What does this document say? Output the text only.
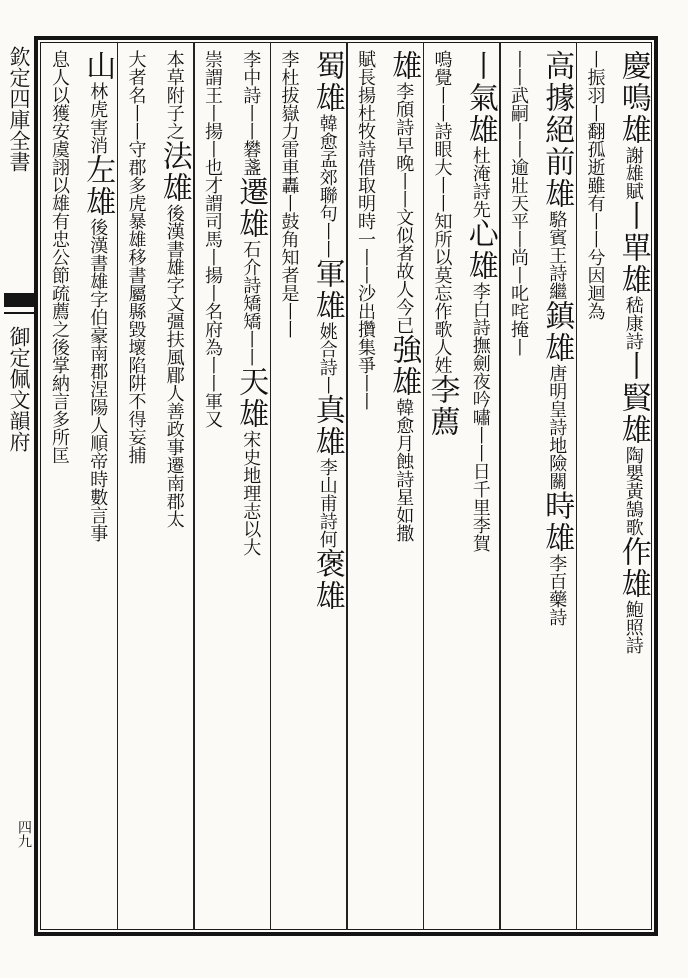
欽定四庫全書
御定佩文韻府
四九
慶鳴雄謝雄賦丨單雄嵇康詩丨賢雄陶嬰黃鵠歌作雄鮑照詩
丨振羽丨翻孤逝雖有丨丨兮因迴為
高據絕前雄駱賓王詩繼鎮雄唐明皇詩地險關時雄李百藥詩
丨丨武嗣丨丨逾壯天平丨尚丨叱咤掩丨
丨氣雄杜淹詩先心雄李白詩撫劍夜吟嘯丨丨日千里李賀
鳴覺丨丨詩眼大丨丨知所以莫忘作歌人姓李薦
雄李頎詩早晚丨丨文似者故人今已強雄韓愈月蝕詩星如撒
賦長揚杜牧詩借取明時一丨丨沙出攢集爭丨丨
蜀雄韓愈孟郊聯句丨丨軍雄姚合詩丨真雄李山甫詩何褒雄
李杜拔嶽力雷車轟丨鼓角知者是丨丨
李中詩丨丨礬盞遷雄石介詩矯矯丨丨天雄宋史地理志以大
崇謂王丨揚丨也才謂司馬丨揚丨名府為丨丨軍又
本草附子之法雄後漢書雄字文彊扶風郿人善政事遷南郡太
大者名丨丨守郡多虎暴雄移書屬縣毀壞陷阱不得妄捕
山林虎害消左雄後漢書雄字伯豪南郡涅陽人順帝時數言事
息人以獲安虞詡以雄有忠公節疏薦之後掌納言多所匡
